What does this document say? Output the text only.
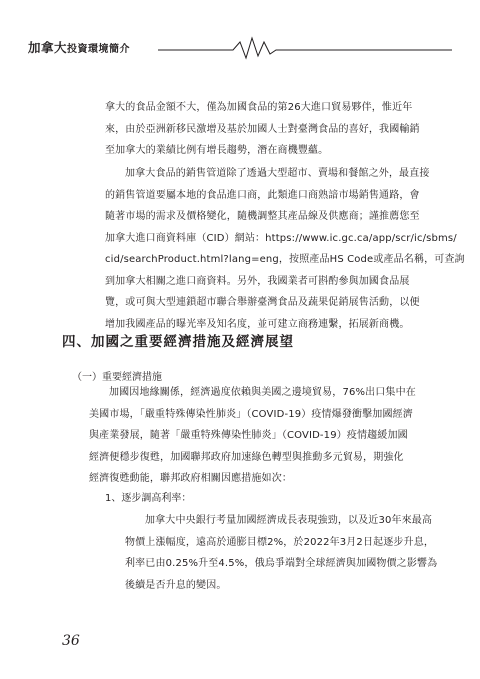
加拿大投資環境簡介
拿大的食品金額不大，僅為加國食品的第26大進口貿易夥伴，惟近年
來，由於亞洲新移民激增及基於加國人士對臺灣食品的喜好，我國輸銷
至加拿大的業績比例有增長趨勢，潛在商機豐蘊。
加拿大食品的銷售管道除了透過大型超市、賣場和餐館之外，最直接
的銷售管道要屬本地的食品進口商，此類進口商熟諳市場銷售通路，會
隨著市場的需求及價格變化，隨機調整其產品線及供應商；謹推薦您至
加拿大進口商資料庫（CID）網站：https://www.ic.gc.ca/app/scr/ic/sbms/
cid/searchProduct.html?lang=eng，按照產品HS Code或產品名稱，可查詢
到加拿大相關之進口商資料。另外，我國業者可斟酌參與加國食品展
覽，或可與大型連鎖超市聯合舉辦臺灣食品及蔬果促銷展售活動，以便
增加我國產品的曝光率及知名度，並可建立商務連繫，拓展新商機。
四、加國之重要經濟措施及經濟展望
（一）重要經濟措施
加國因地緣關係，經濟過度依賴與美國之邊境貿易，76%出口集中在
美國市場，「嚴重特殊傳染性肺炎」（COVID-19）疫情爆發衝擊加國經濟
與產業發展，隨著「嚴重特殊傳染性肺炎」（COVID-19）疫情趨緩加國
經濟便穩步復甦，加國聯邦政府加速綠色轉型與推動多元貿易，期強化
經濟復甦動能，聯邦政府相關因應措施如次：
1、逐步調高利率：
加拿大中央銀行考量加國經濟成長表現強勁，以及近30年來最高
物價上漲幅度，遠高於通膨目標2%，於2022年3月2日起逐步升息，
利率已由0.25%升至4.5%，俄烏爭端對全球經濟與加國物價之影響為
後續是否升息的變因。
36
